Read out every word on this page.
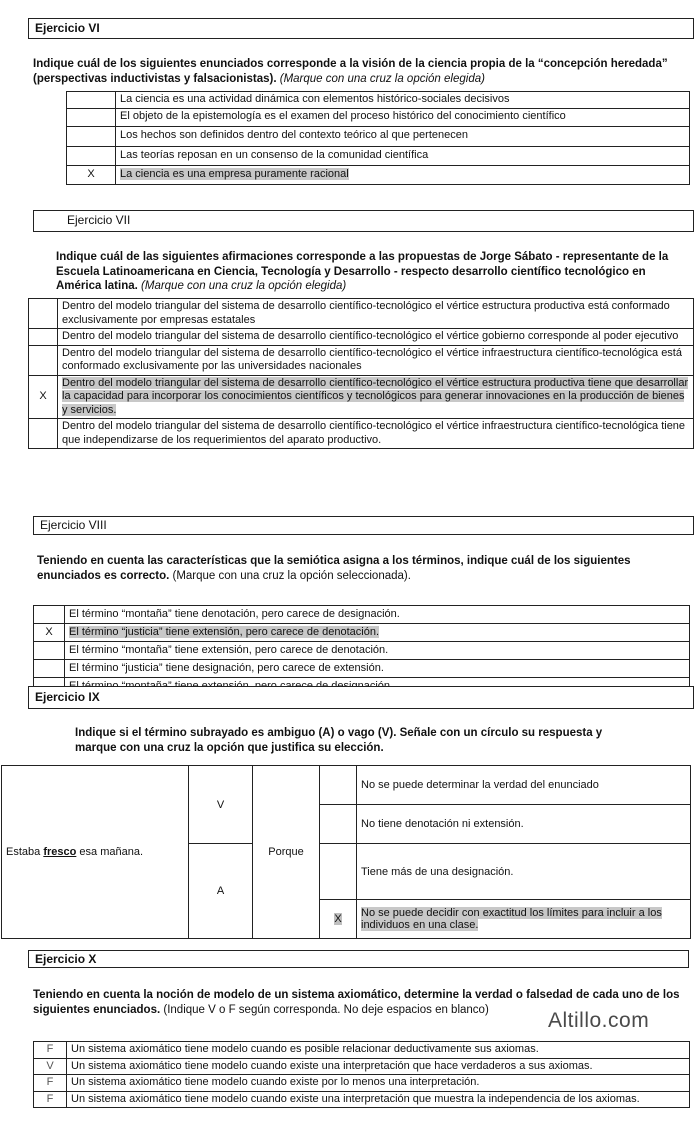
Ejercicio VI
Indique cuál de los siguientes enunciados corresponde a la visión de la ciencia propia de la “concepción heredada” (perspectivas inductivistas y falsacionistas). (Marque con una cruz la opción elegida)
	La ciencia es una actividad dinámica con elementos histórico-sociales decisivos
	El objeto de la epistemología es el examen del proceso histórico del conocimiento científico
	Los hechos son definidos dentro del contexto teórico al que pertenecen
	Las teorías reposan en un consenso de la comunidad científica
X	La ciencia es una empresa puramente racional
Ejercicio VII
Indique cuál de las siguientes afirmaciones corresponde a las propuestas de Jorge Sábato - representante de la Escuela Latinoamericana en Ciencia, Tecnología y Desarrollo - respecto desarrollo científico tecnológico en América latina. (Marque con una cruz la opción elegida)
	Dentro del modelo triangular del sistema de desarrollo científico-tecnológico el vértice estructura productiva está conformado exclusivamente por empresas estatales
	Dentro del modelo triangular del sistema de desarrollo científico-tecnológico el vértice gobierno corresponde al poder ejecutivo
	Dentro del modelo triangular del sistema de desarrollo científico-tecnológico el vértice infraestructura científico-tecnológica está conformado exclusivamente por las universidades nacionales
X	Dentro del modelo triangular del sistema de desarrollo científico-tecnológico el vértice estructura productiva tiene que desarrollar la capacidad para incorporar los conocimientos científicos y tecnológicos para generar innovaciones en la producción de bienes y servicios.
	Dentro del modelo triangular del sistema de desarrollo científico-tecnológico el vértice infraestructura científico-tecnológica tiene que independizarse de los requerimientos del aparato productivo.
Ejercicio VIII
Teniendo en cuenta las características que la semiótica asigna a los términos, indique cuál de los siguientes enunciados es correcto. (Marque con una cruz la opción seleccionada).
	El término “montaña” tiene denotación, pero carece de designación.
X	El término “justicia” tiene extensión, pero carece de denotación.
	El término “montaña” tiene extensión, pero carece de denotación.
	El término “justicia” tiene designación, pero carece de extensión.

Ejercicio IX
Indique si el término subrayado es ambiguo (A) o vago (V). Señale con un círculo su respuesta y marque con una cruz la opción que justifica su elección.
Estaba fresco esa mañana.	V	Porque		No se puede determinar la verdad del enunciado
				No tiene denotación ni extensión.
	A			Tiene más de una designación.
			X	No se puede decidir con exactitud los límites para incluir a los individuos en una clase.
Ejercicio X
Teniendo en cuenta la noción de modelo de un sistema axiomático, determine la verdad o falsedad de cada uno de los siguientes enunciados. (Indique V o F según corresponda. No deje espacios en blanco)	Altillo.com
F	Un sistema axiomático tiene modelo cuando es posible relacionar deductivamente sus axiomas.
V	Un sistema axiomático tiene modelo cuando existe una interpretación que hace verdaderos a sus axiomas.
F	Un sistema axiomático tiene modelo cuando existe por lo menos una interpretación.
F	Un sistema axiomático tiene modelo cuando existe una interpretación que muestra la independencia de los axiomas.
